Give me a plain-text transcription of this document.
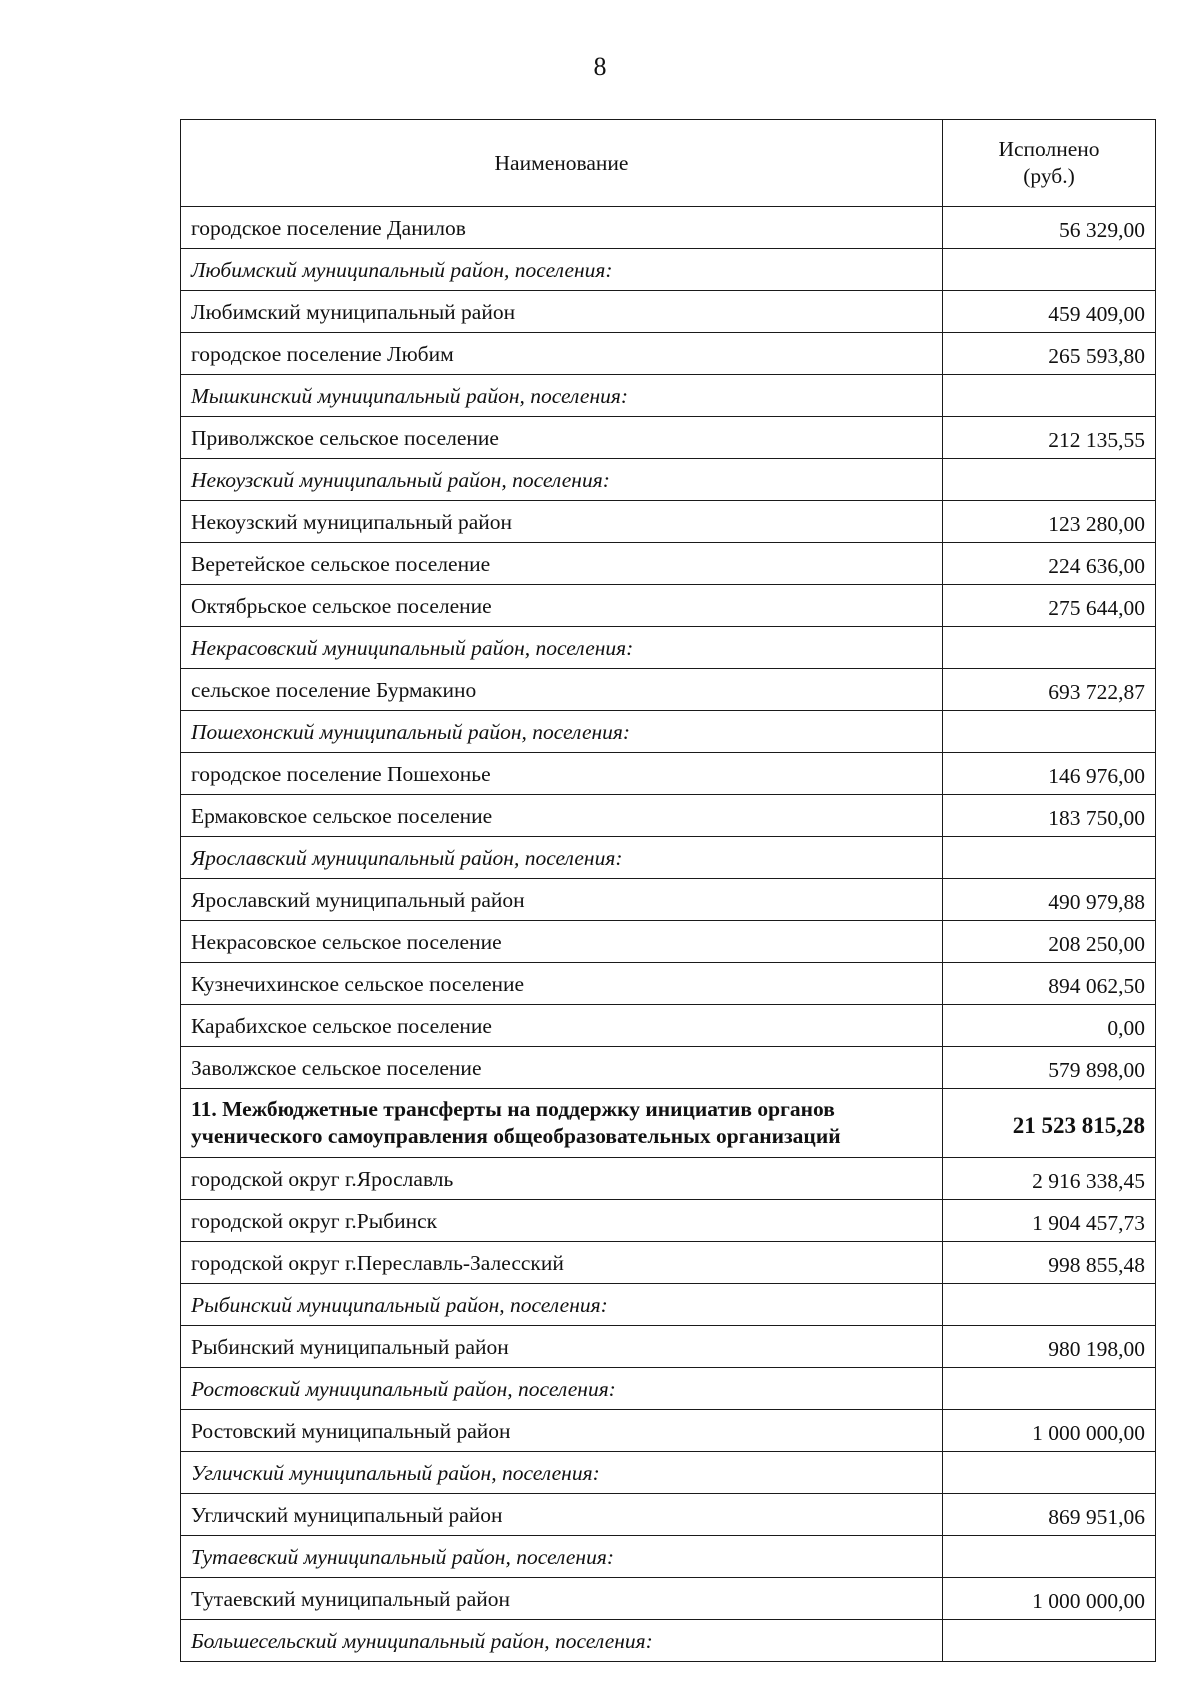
8
Наименование	Исполнено
(руб.)
городское поселение Данилов	56 329,00
Любимский муниципальный район, поселения:	
Любимский муниципальный район	459 409,00
городское поселение Любим	265 593,80
Мышкинский муниципальный район, поселения:	
Приволжское сельское поселение	212 135,55
Некоузский муниципальный район, поселения:	
Некоузский муниципальный район	123 280,00
Веретейское сельское поселение	224 636,00
Октябрьское сельское поселение	275 644,00
Некрасовский муниципальный район, поселения:	
сельское поселение Бурмакино	693 722,87
Пошехонский муниципальный район, поселения:	
городское поселение Пошехонье	146 976,00
Ермаковское сельское поселение	183 750,00
Ярославский муниципальный район, поселения:	
Ярославский муниципальный район	490 979,88
Некрасовское сельское поселение	208 250,00
Кузнечихинское сельское поселение	894 062,50
Карабихское сельское поселение	0,00
Заволжское сельское поселение	579 898,00
11. Межбюджетные трансферты на поддержку инициатив органов ученического самоуправления общеобразовательных организаций	21 523 815,28
городской округ г.Ярославль	2 916 338,45
городской округ г.Рыбинск	1 904 457,73
городской округ г.Переславль-Залесский	998 855,48
Рыбинский муниципальный район, поселения:	
Рыбинский муниципальный район	980 198,00
Ростовский муниципальный район, поселения:	
Ростовский муниципальный район	1 000 000,00
Угличский муниципальный район, поселения:	
Угличский муниципальный район	869 951,06
Тутаевский муниципальный район, поселения:	
Тутаевский муниципальный район	1 000 000,00
Большесельский муниципальный район, поселения:	
